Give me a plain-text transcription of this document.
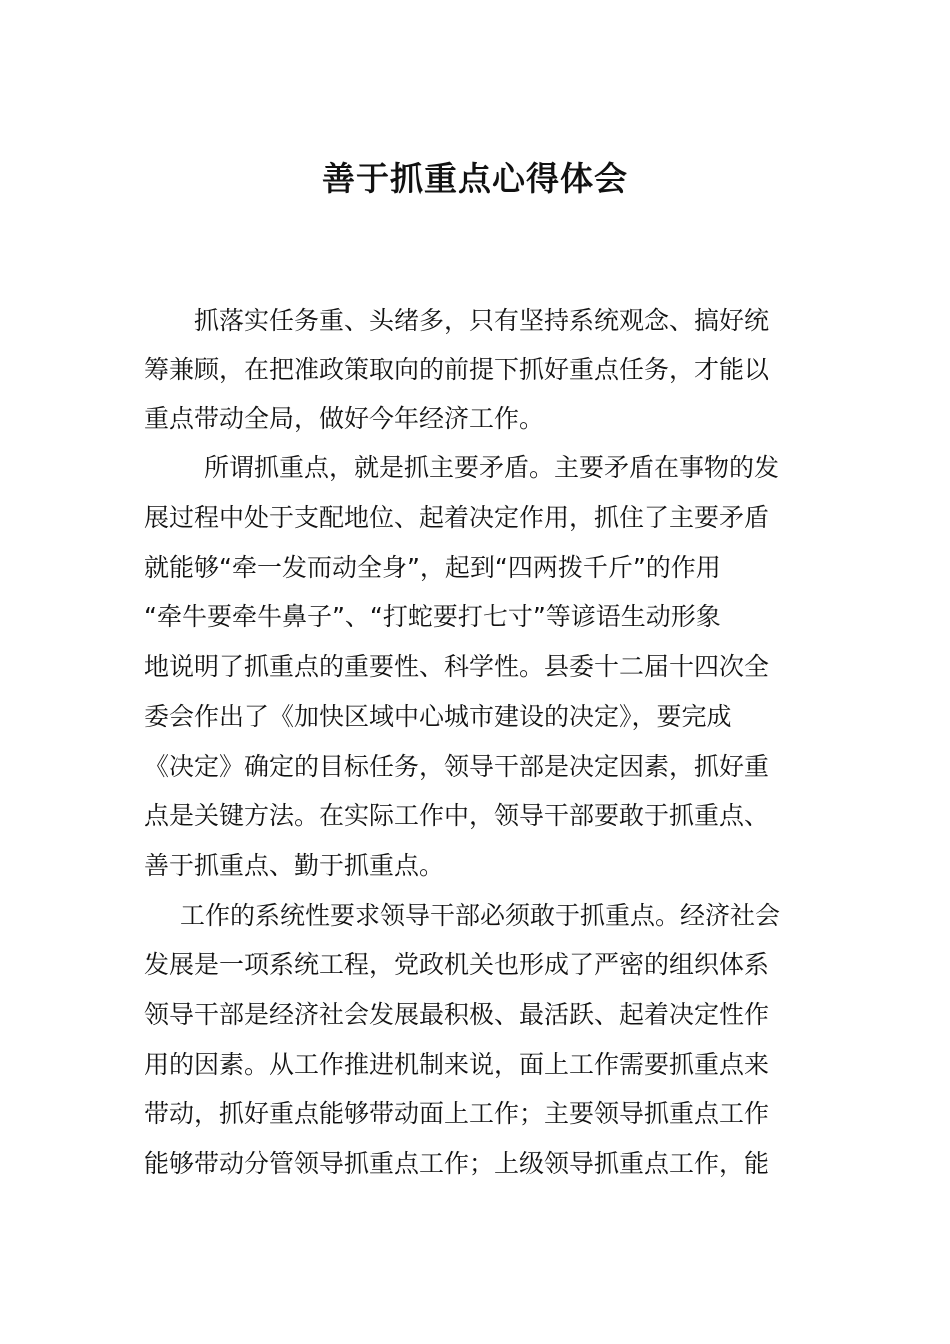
善于抓重点心得体会

抓落实任务重、头绪多，只有坚持系统观念、搞好统

筹兼顾，在把准政策取向的前提下抓好重点任务，才能以

重点带动全局，做好今年经济工作。

所谓抓重点，就是抓主要矛盾。主要矛盾在事物的发

展过程中处于支配地位、起着决定作用，抓住了主要矛盾

就能够“牵一发而动全身”，起到“四两拨千斤”的作用

“牵牛要牵牛鼻子”、“打蛇要打七寸”等谚语生动形象

地说明了抓重点的重要性、科学性。县委十二届十四次全

委会作出了《加快区域中心城市建设的决定》，要完成

《决定》确定的目标任务，领导干部是决定因素，抓好重

点是关键方法。在实际工作中，领导干部要敢于抓重点、

善于抓重点、勤于抓重点。

工作的系统性要求领导干部必须敢于抓重点。经济社会

发展是一项系统工程，党政机关也形成了严密的组织体系

领导干部是经济社会发展最积极、最活跃、起着决定性作

用的因素。从工作推进机制来说，面上工作需要抓重点来

带动，抓好重点能够带动面上工作；主要领导抓重点工作

能够带动分管领导抓重点工作；上级领导抓重点工作，能
